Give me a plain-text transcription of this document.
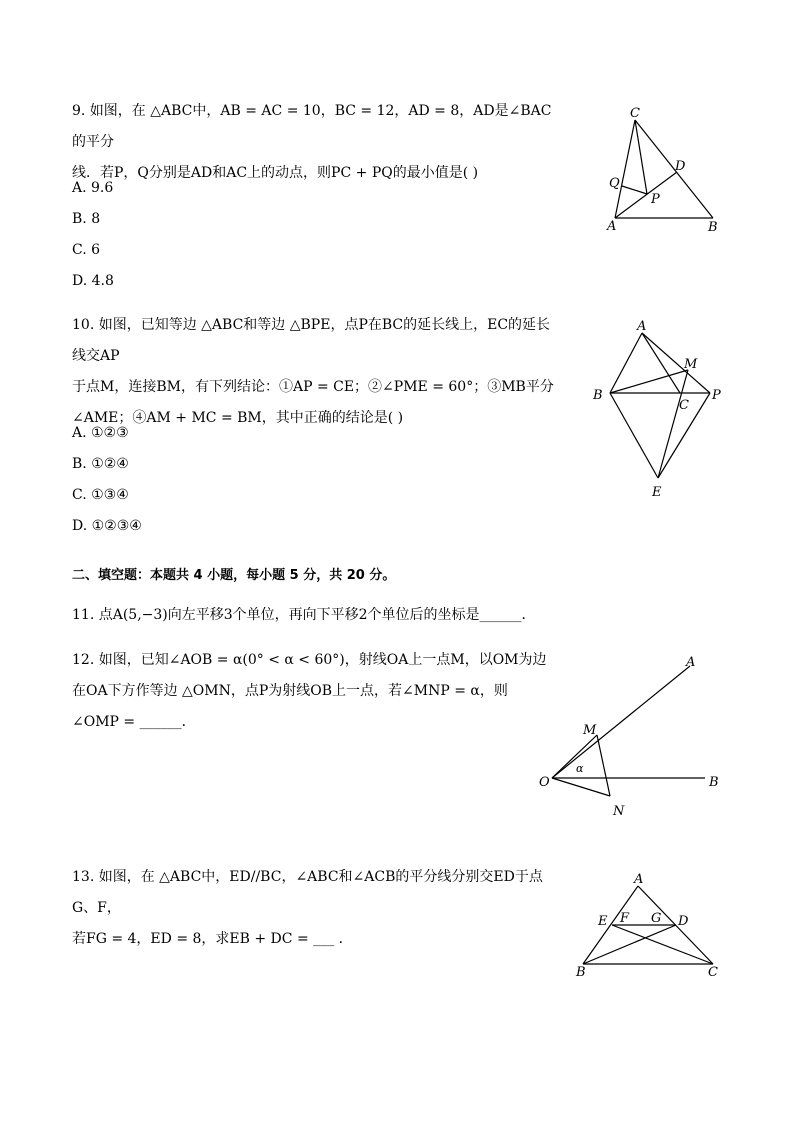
9. 如图，在 △ABC中，AB = AC = 10，BC = 12，AD = 8，AD是∠BAC的平分
线．若P，Q分别是AD和AC上的动点，则PC + PQ的最小值是( )
A. 9.6
B. 8
C. 6
D. 4.8
C
D
Q
P
A	B
10. 如图，已知等边 △ABC和等边 △BPE，点P在BC的延长线上，EC的延长线交AP
于点M，连接BM，有下列结论：①AP = CE；②∠PME = 60°；③MB平分
∠AME；④AM + MC = BM，其中正确的结论是( )
A. ①②③
B. ①②④
C. ①③④
D. ①②③④
A
M
B
C
P
E
二、填空题：本题共 4 小题，每小题 5 分，共 20 分。
11. 点A(5,−3)向左平移3个单位，再向下平移2个单位后的坐标是______．
12. 如图，已知∠AOB = α(0° < α < 60°)，射线OA上一点M，以OM为边
在OA下方作等边 △OMN，点P为射线OB上一点，若∠MNP = α，则
∠OMP = ______．
A
M
α
O	B
N
13. 如图，在 △ABC中，ED//BC，∠ABC和∠ACB的平分线分别交ED于点G、F，
若FG = 4，ED = 8，求EB + DC = ___ ．
A
E F G D
B	C
